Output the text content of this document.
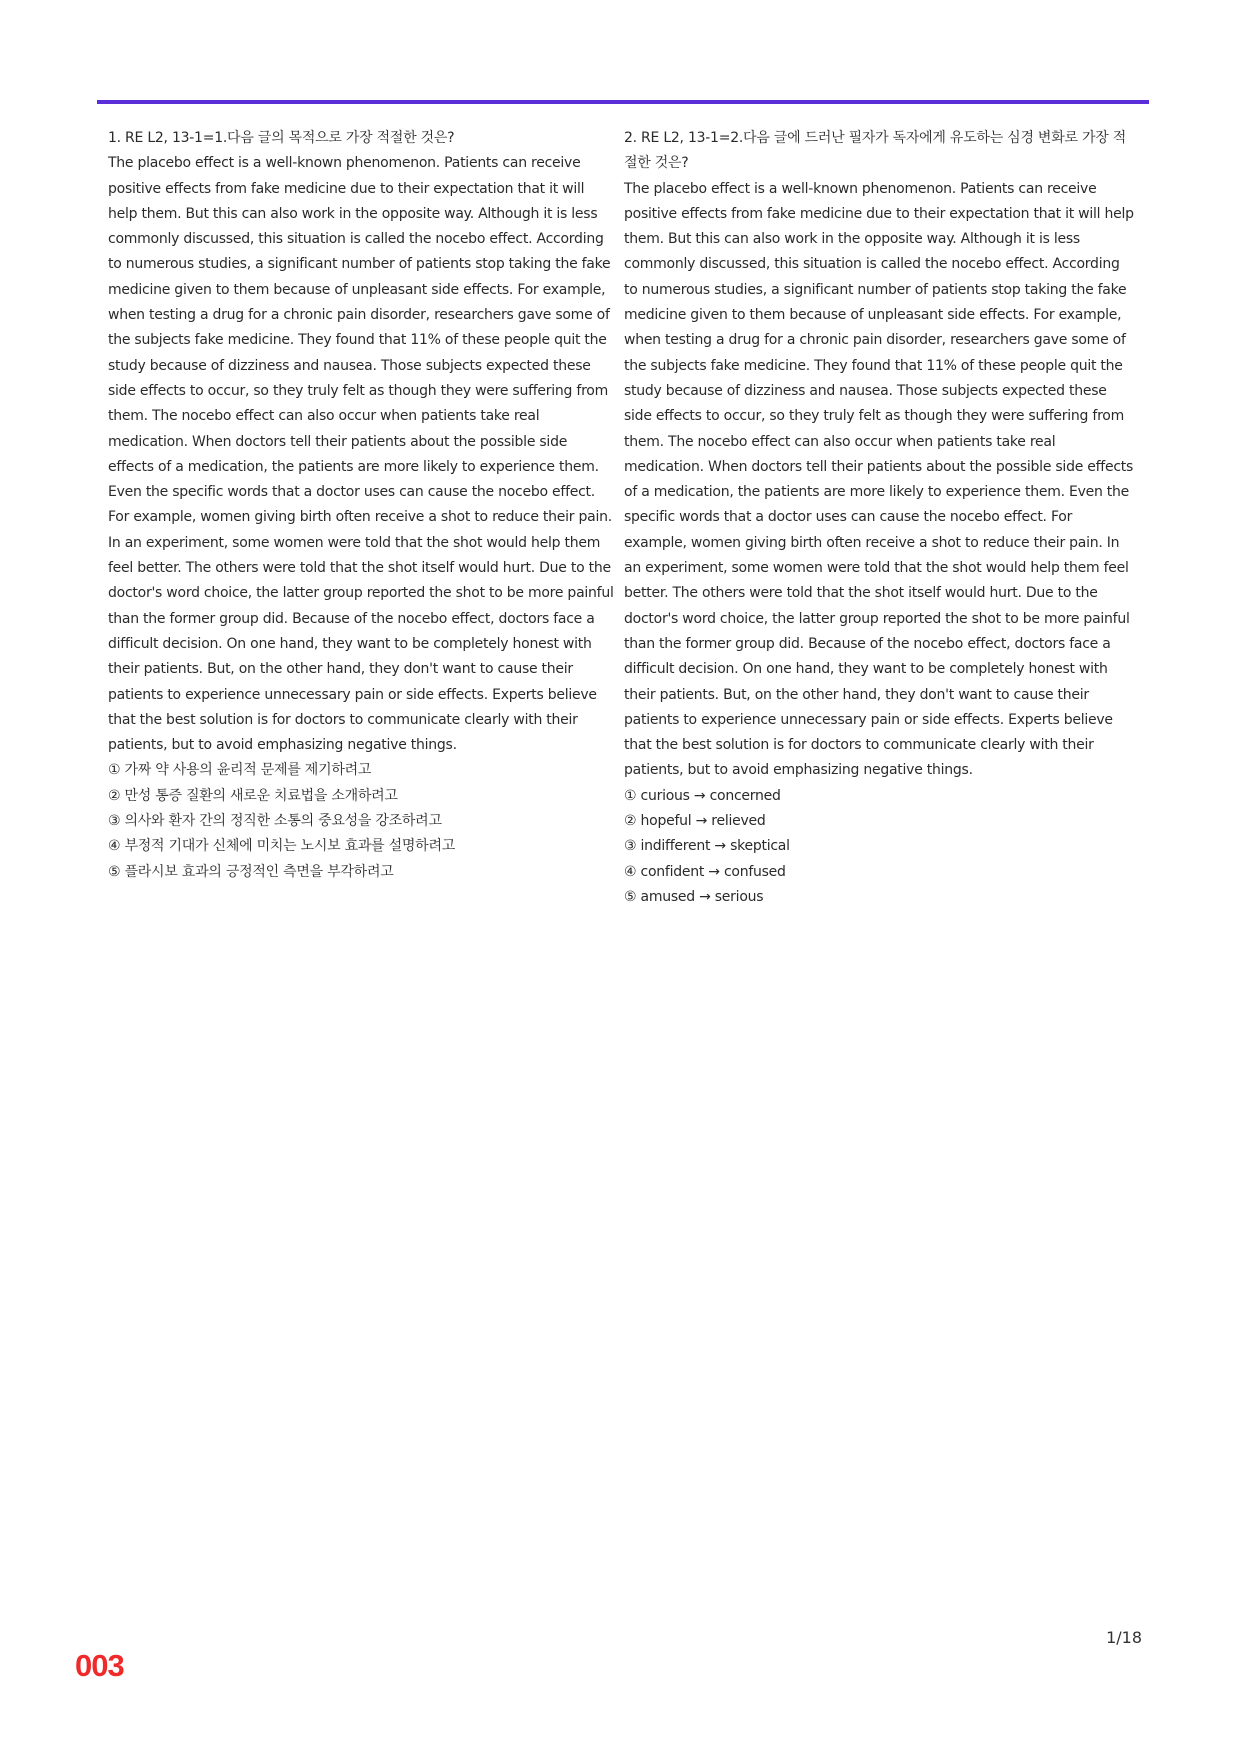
1. RE L2, 13-1=1.다음 글의 목적으로 가장 적절한 것은?

The placebo effect is a well-known phenomenon. Patients can receive positive effects from fake medicine due to their expectation that it will help them. But this can also work in the opposite way. Although it is less commonly discussed, this situation is called the nocebo effect. According to numerous studies, a significant number of patients stop taking the fake medicine given to them because of unpleasant side effects. For example, when testing a drug for a chronic pain disorder, researchers gave some of the subjects fake medicine. They found that 11% of these people quit the study because of dizziness and nausea. Those subjects expected these side effects to occur, so they truly felt as though they were suffering from them. The nocebo effect can also occur when patients take real medication. When doctors tell their patients about the possible side effects of a medication, the patients are more likely to experience them. Even the specific words that a doctor uses can cause the nocebo effect. For example, women giving birth often receive a shot to reduce their pain. In an experiment, some women were told that the shot would help them feel better. The others were told that the shot itself would hurt. Due to the doctor's word choice, the latter group reported the shot to be more painful than the former group did. Because of the nocebo effect, doctors face a difficult decision. On one hand, they want to be completely honest with their patients. But, on the other hand, they don't want to cause their patients to experience unnecessary pain or side effects. Experts believe that the best solution is for doctors to communicate clearly with their patients, but to avoid emphasizing negative things.

① 가짜 약 사용의 윤리적 문제를 제기하려고
② 만성 통증 질환의 새로운 치료법을 소개하려고
③ 의사와 환자 간의 정직한 소통의 중요성을 강조하려고
④ 부정적 기대가 신체에 미치는 노시보 효과를 설명하려고
⑤ 플라시보 효과의 긍정적인 측면을 부각하려고

2. RE L2, 13-1=2.다음 글에 드러난 필자가 독자에게 유도하는 심경 변화로 가장 적절한 것은?

The placebo effect is a well-known phenomenon. Patients can receive positive effects from fake medicine due to their expectation that it will help them. But this can also work in the opposite way. Although it is less commonly discussed, this situation is called the nocebo effect. According to numerous studies, a significant number of patients stop taking the fake medicine given to them because of unpleasant side effects. For example, when testing a drug for a chronic pain disorder, researchers gave some of the subjects fake medicine. They found that 11% of these people quit the study because of dizziness and nausea. Those subjects expected these side effects to occur, so they truly felt as though they were suffering from them. The nocebo effect can also occur when patients take real medication. When doctors tell their patients about the possible side effects of a medication, the patients are more likely to experience them. Even the specific words that a doctor uses can cause the nocebo effect. For example, women giving birth often receive a shot to reduce their pain. In an experiment, some women were told that the shot would help them feel better. The others were told that the shot itself would hurt. Due to the doctor's word choice, the latter group reported the shot to be more painful than the former group did. Because of the nocebo effect, doctors face a difficult decision. On one hand, they want to be completely honest with their patients. But, on the other hand, they don't want to cause their patients to experience unnecessary pain or side effects. Experts believe that the best solution is for doctors to communicate clearly with their patients, but to avoid emphasizing negative things.

① curious → concerned
② hopeful → relieved
③ indifferent → skeptical
④ confident → confused
⑤ amused → serious
1/18
003
